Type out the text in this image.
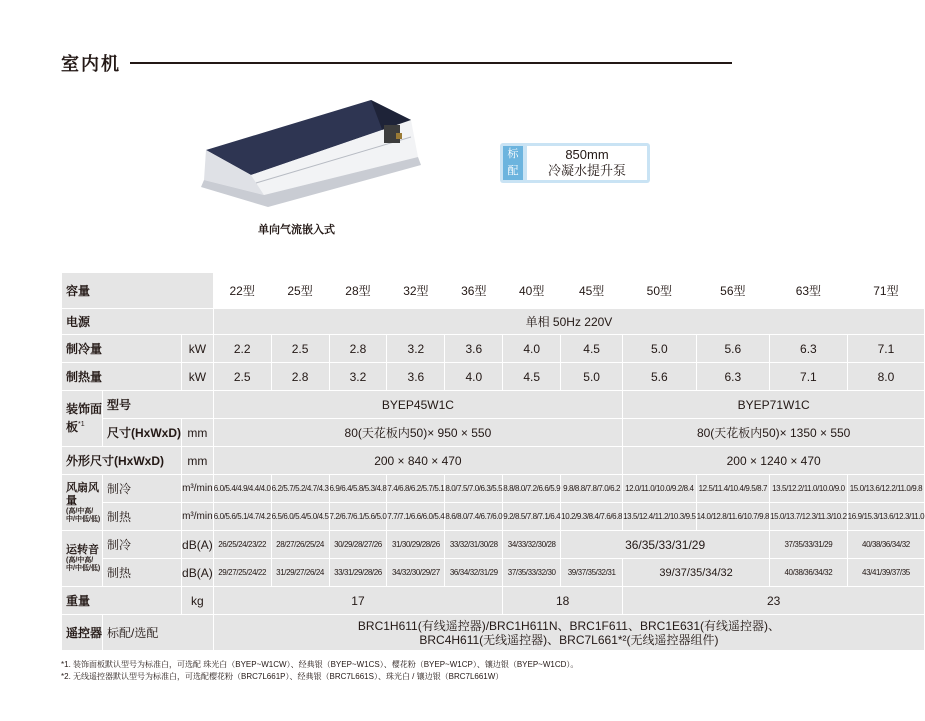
室内机
单向气流嵌入式
标配
850mm
冷凝水提升泵
容量			22型	25型	28型	32型	36型	40型	45型	50型	56型	63型	71型
电源			单相 50Hz 220V										
制冷量		kW	2.2	2.5	2.8	3.2	3.6	4.0	4.5	5.0	5.6	6.3	7.1
制热量		kW	2.5	2.8	3.2	3.6	4.0	4.5	5.0	5.6	6.3	7.1	8.0
装饰面板$^{*1}$	型号		BYEP45W1C							BYEP71W1C			
	尺寸(HxWxD)	mm	80(天花板内50)× 950 × 550							80(天花板内50)× 1350 × 550			
外形尺寸(HxWxD)		mm	200 × 840 × 470							200 × 1240 × 470			
风扇风量
(高/中高/中/中低/低)	制冷	m³/min	6.0/5.4/4.9/4.4/4.0	6.2/5.7/5.2/4.7/4.3	6.9/6.4/5.8/5.3/4.8	7.4/6.8/6.2/5.7/5.1	8.0/7.5/7.0/6.3/5.5	8.8/8.0/7.2/6.6/5.9	9.8/8.8/7.8/7.0/6.2	12.0/11.0/10.0/9.2/8.4	12.5/11.4/10.4/9.5/8.7	13.5/12.2/11.0/10.0/9.0	15.0/13.6/12.2/11.0/9.8
	制热	m³/min	6.0/5.6/5.1/4.7/4.2	6.5/6.0/5.4/5.0/4.5	7.2/6.7/6.1/5.6/5.0	7.7/7.1/6.6/6.0/5.4	8.6/8.0/7.4/6.7/6.0	9.2/8.5/7.8/7.1/6.4	10.2/9.3/8.4/7.6/6.8	13.5/12.4/11.2/10.3/9.5	14.0/12.8/11.6/10.7/9.8	15.0/13.7/12.3/11.3/10.2	16.9/15.3/13.6/12.3/11.0
运转音
(高/中高/中/中低/低)	制冷	dB(A)	26/25/24/23/22	28/27/26/25/24	30/29/28/27/26	31/30/29/28/26	33/32/31/30/28	34/33/32/30/28	36/35/33/31/29			37/35/33/31/29	40/38/36/34/32
	制热	dB(A)	29/27/25/24/22	31/29/27/26/24	33/31/29/28/26	34/32/30/29/27	36/34/32/31/29	37/35/33/32/30	39/37/35/32/31	39/37/35/34/32		40/38/36/34/32	43/41/39/37/35
重量		kg	17					18		23			
遥控器	标配/选配		BRC1H611(有线遥控器)/BRC1H611N、BRC1F611、BRC1E631(有线遥控器)、
BRC4H611(无线遥控器)、BRC7L661*²(无线遥控器组件)										
*1. 装饰面板默认型号为标准白，可选配 珠光白（BYEP~W1CW）、经典银（BYEP~W1CS）、樱花粉（BYEP~W1CP）、镶边银（BYEP~W1CD）。
*2. 无线遥控器默认型号为标准白，可选配樱花粉（BRC7L661P）、经典银（BRC7L661S）、珠光白 / 镶边银（BRC7L661W）
